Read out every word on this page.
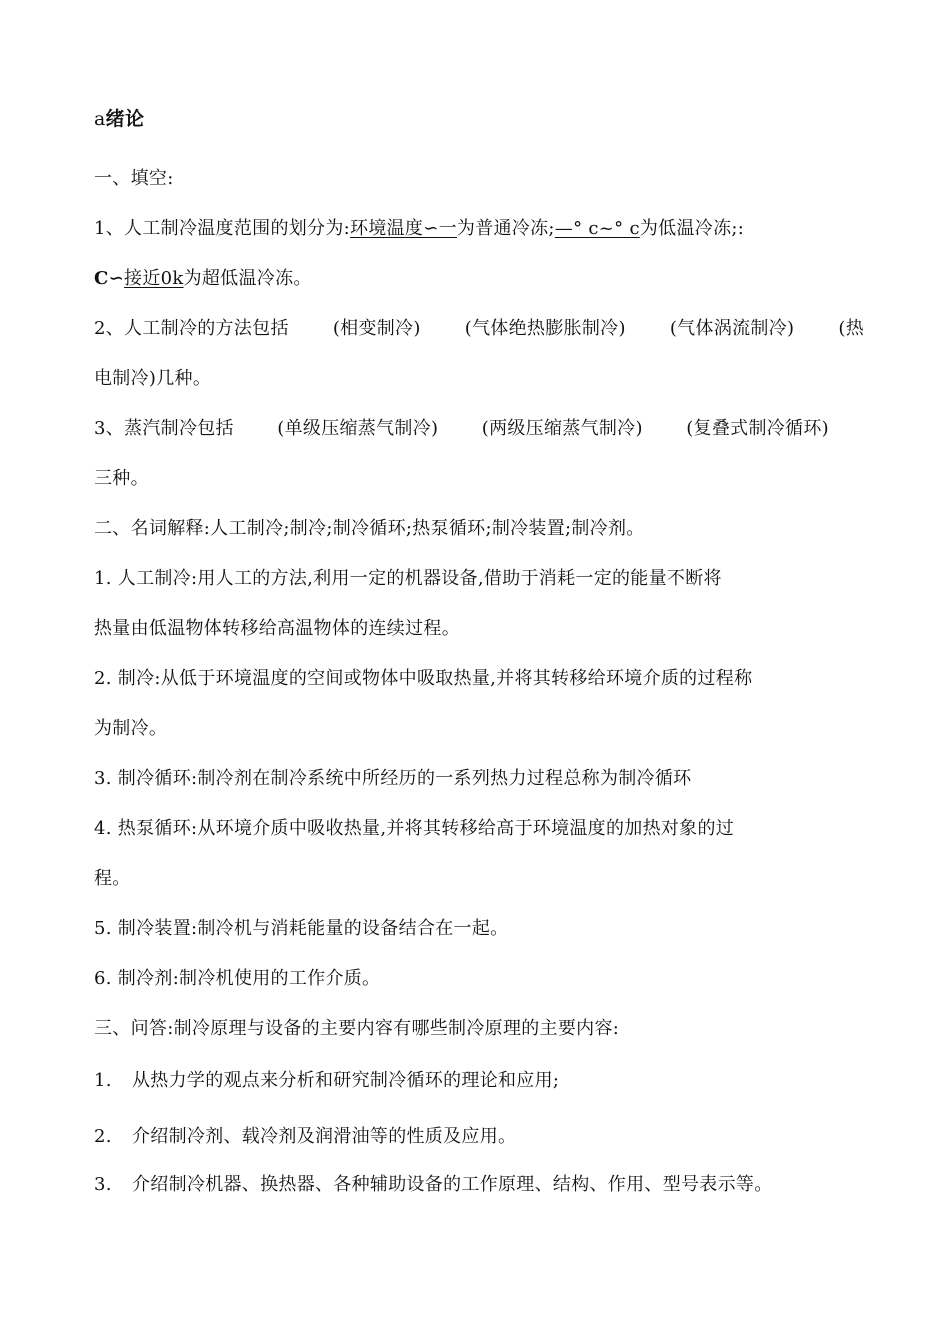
a绪论
一、填空:
1、人工制冷温度范围的划分为:环境温度∽一为普通冷冻;—° c~° c为低温冷冻;:
C∽接近0k为超低温冷冻。
2、人工制冷的方法包括 (相变制冷) (气体绝热膨胀制冷) (气体涡流制冷) (热
电制冷)几种。
3、蒸汽制冷包括 (单级压缩蒸气制冷) (两级压缩蒸气制冷) (复叠式制冷循环)
三种。
二、名词解释:人工制冷;制冷;制冷循环;热泵循环;制冷装置;制冷剂。
1. 人工制冷:用人工的方法,利用一定的机器设备,借助于消耗一定的能量不断将
热量由低温物体转移给高温物体的连续过程。
2. 制冷:从低于环境温度的空间或物体中吸取热量,并将其转移给环境介质的过程称
为制冷。
3. 制冷循环:制冷剂在制冷系统中所经历的一系列热力过程总称为制冷循环
4. 热泵循环:从环境介质中吸收热量,并将其转移给高于环境温度的加热对象的过
程。
5. 制冷装置:制冷机与消耗能量的设备结合在一起。
6. 制冷剂:制冷机使用的工作介质。
三、问答:制冷原理与设备的主要内容有哪些制冷原理的主要内容:
1. 从热力学的观点来分析和研究制冷循环的理论和应用;
2. 介绍制冷剂、载冷剂及润滑油等的性质及应用。
3. 介绍制冷机器、换热器、各种辅助设备的工作原理、结构、作用、型号表示等。
